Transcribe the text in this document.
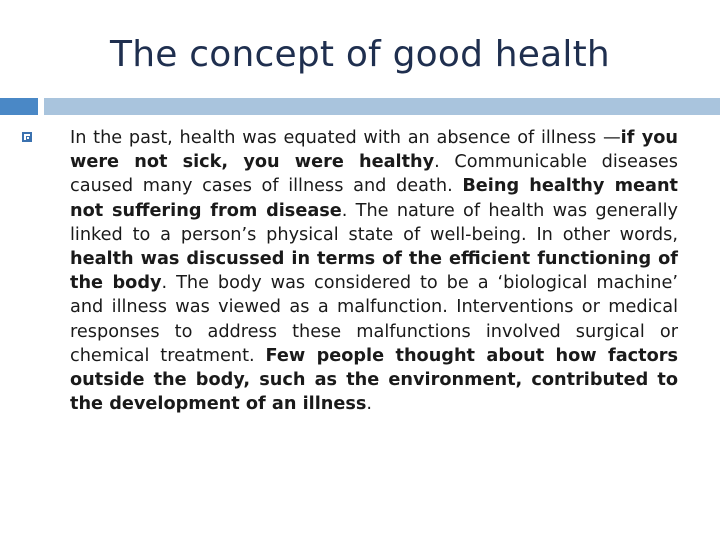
The concept of good health

In the past, health was equated with an absence of illness —if you were not sick, you were healthy. Communicable diseases caused many cases of illness and death. Being healthy meant not suffering from disease. The nature of health was generally linked to a person’s physical state of well-being. In other words, health was discussed in terms of the efficient functioning of the body. The body was considered to be a ‘biological machine’ and illness was viewed as a malfunction. Interventions or medical responses to address these malfunctions involved surgical or chemical treatment. Few people thought about how factors outside the body, such as the environment, contributed to the development of an illness.
